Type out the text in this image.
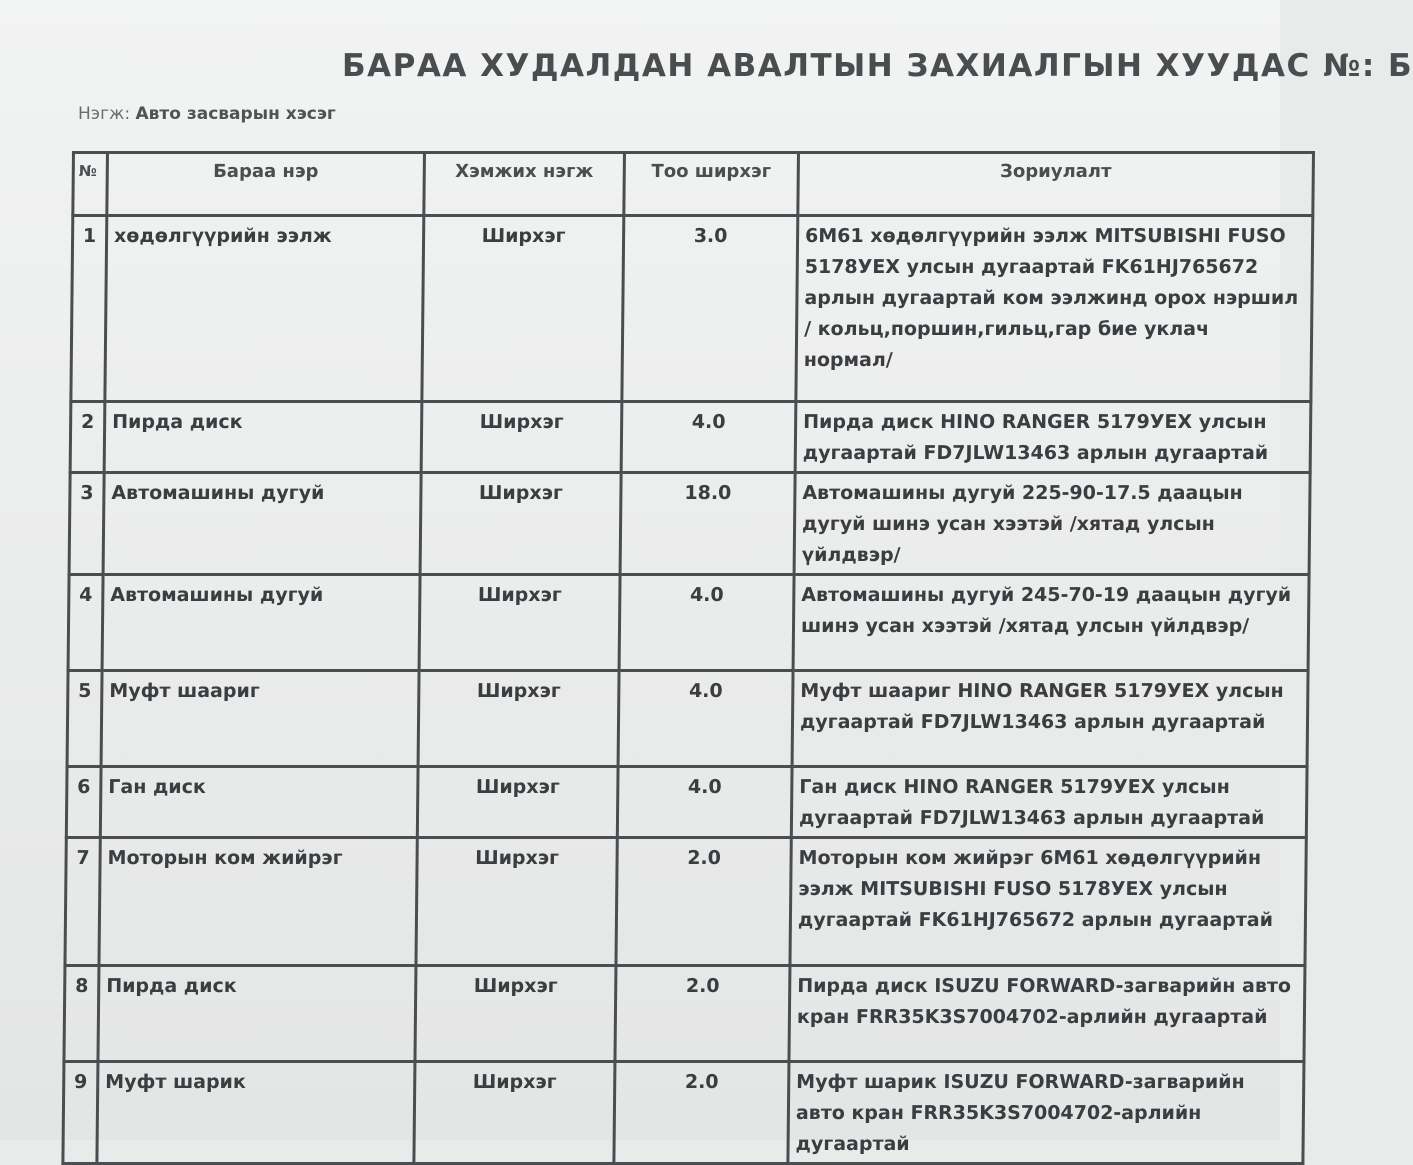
БАРАА ХУДАЛДАН АВАЛТЫН ЗАХИАЛГЫН ХУУДАС №: Б
Нэгж: Авто засварын хэсэг
№	Бараа нэр	Хэмжих нэгж	Тоо ширхэг	Зориулалт
1	хөдөлгүүрийн ээлж	Ширхэг	3.0	6M61 хөдөлгүүрийн ээлж MITSUBISHI FUSO 5178УЕХ улсын дугаартай FK61HJ765672 арлын дугаартай ком ээлжинд орох нэршил / кольц,поршин,гильц,гар бие уклач нормал/
2	Пирда диск	Ширхэг	4.0	Пирда диск HINO RANGER 5179УЕХ улсын дугаартай FD7JLW13463 арлын дугаартай
3	Автомашины дугуй	Ширхэг	18.0	Автомашины дугуй 225-90-17.5 даацын дугуй шинэ усан хээтэй /хятад улсын үйлдвэр/
4	Автомашины дугуй	Ширхэг	4.0	Автомашины дугуй 245-70-19 даацын дугуй шинэ усан хээтэй /хятад улсын үйлдвэр/
5	Муфт шаариг	Ширхэг	4.0	Муфт шаариг HINO RANGER 5179УЕХ улсын дугаартай FD7JLW13463 арлын дугаартай
6	Ган диск	Ширхэг	4.0	Ган диск HINO RANGER 5179УЕХ улсын дугаартай FD7JLW13463 арлын дугаартай
7	Моторын ком жийрэг	Ширхэг	2.0	Моторын ком жийрэг 6M61 хөдөлгүүрийн ээлж MITSUBISHI FUSO 5178УЕХ улсын дугаартай FK61HJ765672 арлын дугаартай
8	Пирда диск	Ширхэг	2.0	Пирда диск ISUZU FORWARD-загварийн авто кран FRR35K3S7004702-арлийн дугаартай
9	Муфт шарик	Ширхэг	2.0	Муфт шарик ISUZU FORWARD-загварийн авто кран FRR35K3S7004702-арлийн дугаартай
